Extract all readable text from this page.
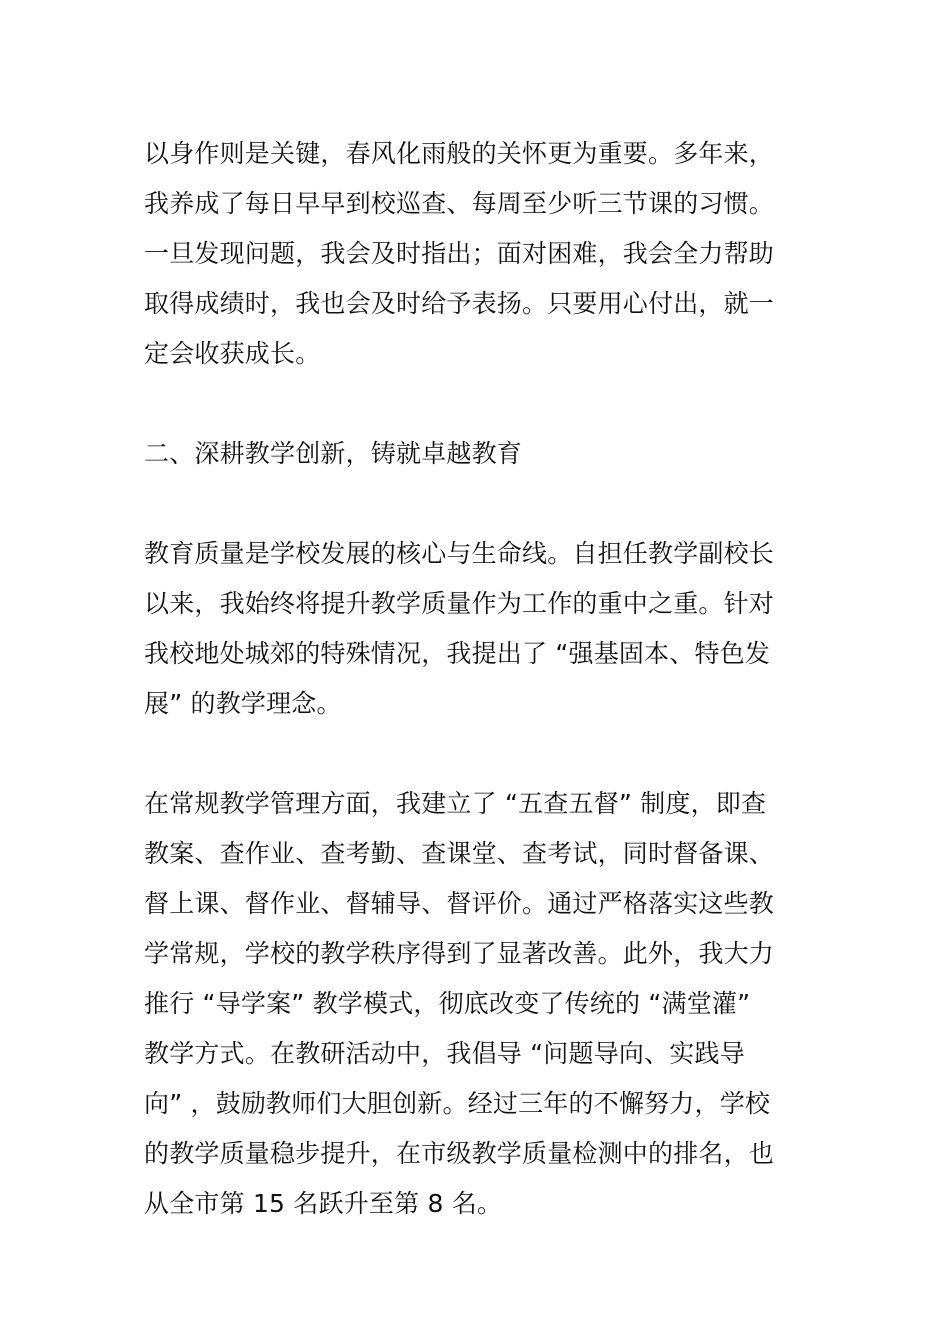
以身作则是关键，春风化雨般的关怀更为重要。多年来，
我养成了每日早早到校巡查、每周至少听三节课的习惯。
一旦发现问题，我会及时指出；面对困难，我会全力帮助
取得成绩时，我也会及时给予表扬。只要用心付出，就一
定会收获成长。

二、深耕教学创新，铸就卓越教育

教育质量是学校发展的核心与生命线。自担任教学副校长
以来，我始终将提升教学质量作为工作的重中之重。针对
我校地处城郊的特殊情况，我提出了 “强基固本、特色发
展” 的教学理念。

在常规教学管理方面，我建立了 “五查五督” 制度，即查
教案、查作业、查考勤、查课堂、查考试，同时督备课、
督上课、督作业、督辅导、督评价。通过严格落实这些教
学常规，学校的教学秩序得到了显著改善。此外，我大力
推行 “导学案” 教学模式，彻底改变了传统的 “满堂灌”
教学方式。在教研活动中，我倡导 “问题导向、实践导
向” ，鼓励教师们大胆创新。经过三年的不懈努力，学校
的教学质量稳步提升，在市级教学质量检测中的排名，也
从全市第 15 名跃升至第 8 名。
